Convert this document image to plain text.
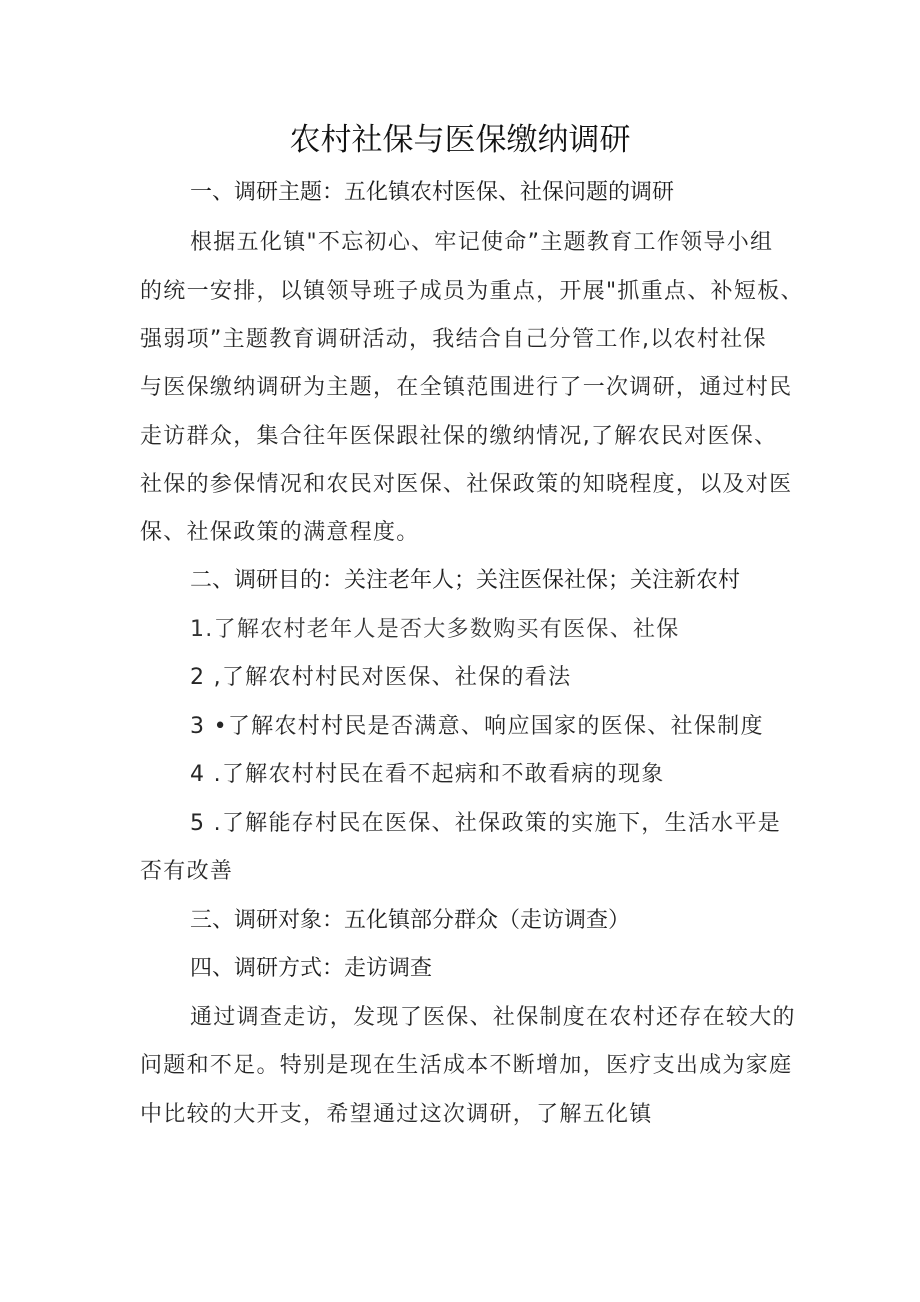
农村社保与医保缴纳调研
一、调研主题：五化镇农村医保、社保问题的调研
根据五化镇"不忘初心、牢记使命”主题教育工作领导小组
的统一安排，以镇领导班子成员为重点，开展"抓重点、补短板、
强弱项”主题教育调研活动，我结合自己分管工作,以农村社保
与医保缴纳调研为主题，在全镇范围进行了一次调研，通过村民
走访群众，集合往年医保跟社保的缴纳情况,了解农民对医保、
社保的参保情况和农民对医保、社保政策的知晓程度，以及对医
保、社保政策的满意程度。
二、调研目的：关注老年人；关注医保社保；关注新农村
1.了解农村老年人是否大多数购买有医保、社保
2 ,了解农村村民对医保、社保的看法
3 •了解农村村民是否满意、响应国家的医保、社保制度
4 .了解农村村民在看不起病和不敢看病的现象
5 .了解能存村民在医保、社保政策的实施下，生活水平是
否有改善
三、调研对象：五化镇部分群众（走访调查）
四、调研方式：走访调查
通过调查走访，发现了医保、社保制度在农村还存在较大的
问题和不足。特别是现在生活成本不断增加，医疗支出成为家庭
中比较的大开支，希望通过这次调研，了解五化镇
